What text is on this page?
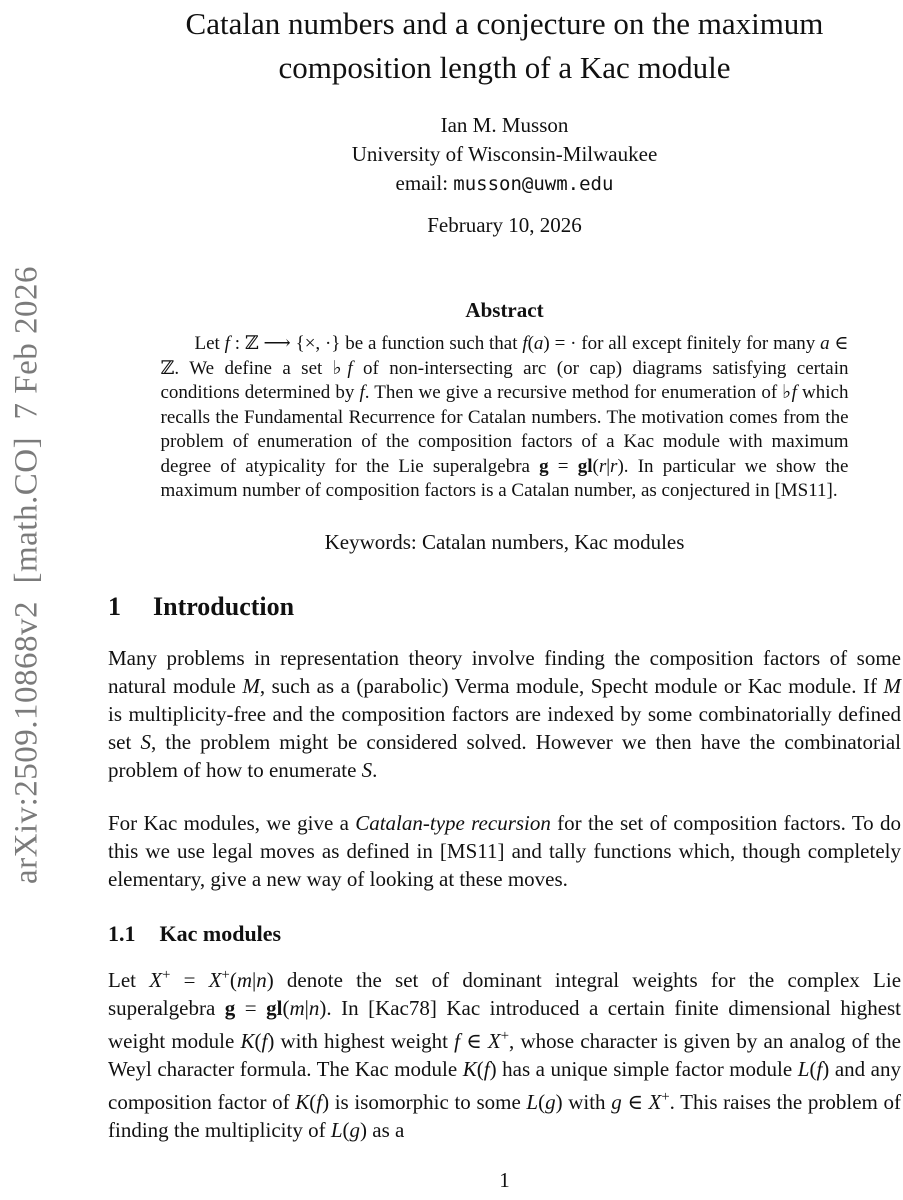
arXiv:2509.10868v2  [math.CO]  7 Feb 2026
Catalan numbers and a conjecture on the maximum
composition length of a Kac module
Ian M. Musson
University of Wisconsin-Milwaukee
email: musson@uwm.edu
February 10, 2026
Abstract

Let f : ℤ ⟶ {×, ·} be a function such that f(a) = · for all except finitely for many a ∈ ℤ. We define a set ♭f of non-intersecting arc (or cap) diagrams satisfying certain conditions determined by f. Then we give a recursive method for enumeration of ♭f which recalls the Fundamental Recurrence for Catalan numbers. The motivation comes from the problem of enumeration of the composition factors of a Kac module with maximum degree of atypicality for the Lie superalgebra g = gl(r|r). In particular we show the maximum number of composition factors is a Catalan number, as conjectured in [MS11].

Keywords: Catalan numbers, Kac modules
1 Introduction

Many problems in representation theory involve finding the composition factors of some natural module M, such as a (parabolic) Verma module, Specht module or Kac module. If M is multiplicity-free and the composition factors are indexed by some combinatorially defined set S, the problem might be considered solved. However we then have the combinatorial problem of how to enumerate S.

For Kac modules, we give a Catalan-type recursion for the set of composition factors. To do this we use legal moves as defined in [MS11] and tally functions which, though completely elementary, give a new way of looking at these moves.

1.1 Kac modules

Let X+ = X+(m|n) denote the set of dominant integral weights for the complex Lie superalgebra g = gl(m|n). In [Kac78] Kac introduced a certain finite dimensional highest weight module K(f) with highest weight f ∈ X+, whose character is given by an analog of the Weyl character formula. The Kac module K(f) has a unique simple factor module L(f) and any composition factor of K(f) is isomorphic to some L(g) with g ∈ X+. This raises the problem of finding the multiplicity of L(g) as a

1
